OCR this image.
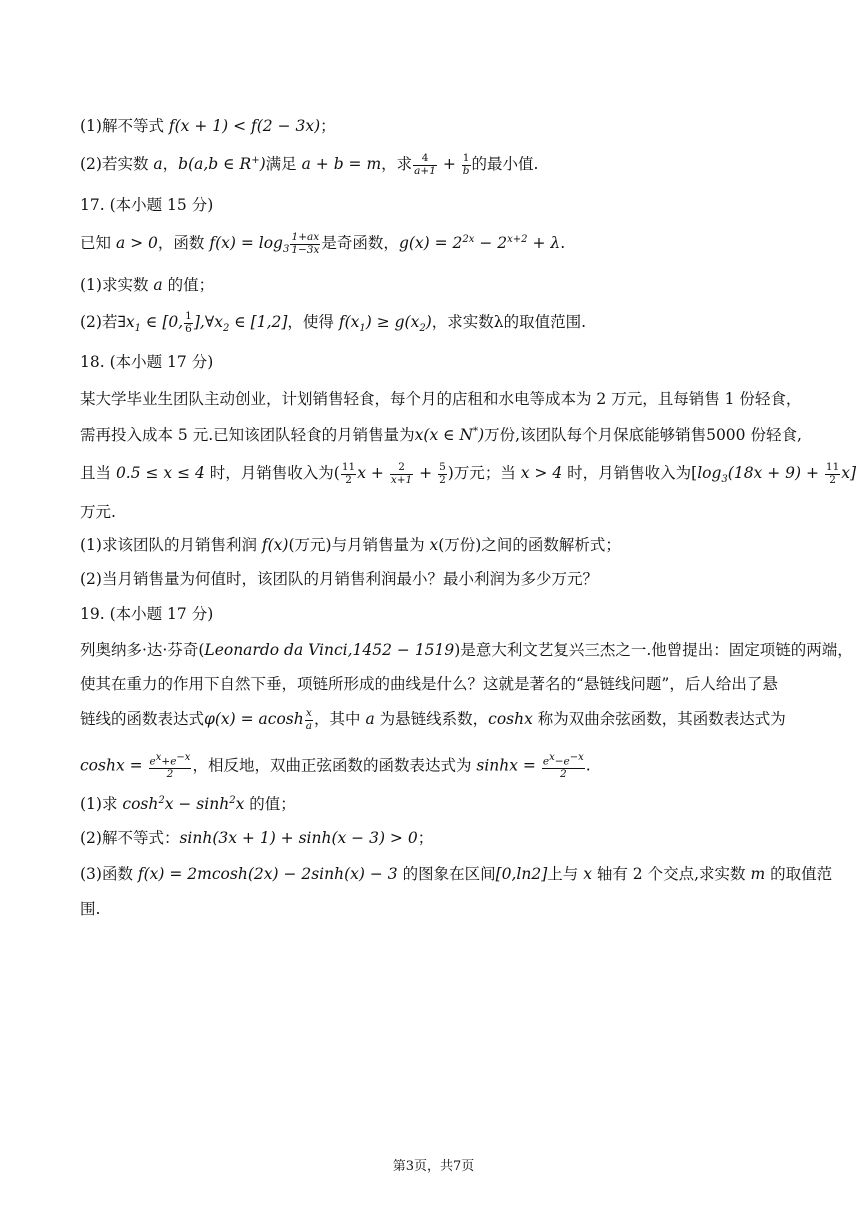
(1)解不等式 f(x + 1) < f(2 − 3x)；
(2)若实数 a，b(a,b ∈ R+)满足 a + b = m，求 $\frac{4}{a+1} + \frac{1}{b}$ 的最小值.
17. (本小题 15 分)
已知 a > 0，函数 $f(x) = \log_3 \frac{1+ax}{1-3x}$ 是奇函数，$g(x) = 2^{2x} - 2^{x+2} + \lambda$.
(1)求实数 a 的值；
(2)若$\exists x_1$ ∈ [0, $\frac{1}{6}$ ]$,\forall x_2$ ∈ [1,2]，使得 $f(x_1) \ge g(x_2)$，求实数λ的取值范围.
18. (本小题 17 分)
某大学毕业生团队主动创业，计划销售轻食，每个月的店租和水电等成本为 2 万元，且每销售 1 份轻食，
需再投入成本 5 元.已知该团队轻食的月销售量为x(x ∈ N*)万份,该团队每个月保底能够销售5000 份轻食,
且当 0.5 ≤ x ≤ 4 时，月销售收入为( $\frac{11}{2}$ $x + \frac{2}{x+1} + \frac{5}{2}$ )万元；当 x > 4 时，月销售收入为$[\log_3(18x + 9) + \frac{11}{2} x]$
万元.
(1)求该团队的月销售利润 f(x)(万元)与月销售量为 x(万份)之间的函数解析式；
(2)当月销售量为何值时，该团队的月销售利润最小？最小利润为多少万元？
19. (本小题 17 分)
列奥纳多·达·芬奇(Leonardo da Vinci,1452 − 1519)是意大利文艺复兴三杰之一.他曾提出：固定项链的两端，
使其在重力的作用下自然下垂，项链所形成的曲线是什么？这就是著名的“悬链线问题”，后人给出了悬
链线的函数表达式φ(x) = acosh $\frac{x}{a}$ ，其中 a 为悬链线系数，coshx 称为双曲余弦函数，其函数表达式为
$\cosh x = \frac{e^x+e^{-x}}{2}$ ，相反地，双曲正弦函数的函数表达式为 $\sinh x = \frac{e^x-e^{-x}}{2}$ .
(1)求 $\cosh^2x - \sinh^2x$ 的值；
(2)解不等式：sinh(3x + 1) + sinh(x − 3) > 0；
(3)函数 f(x) = 2mcosh(2x) − 2sinh(x) − 3 的图象在区间[0,ln2]上与 x 轴有 2 个交点,求实数 m 的取值范
围.
第3页，共7页
